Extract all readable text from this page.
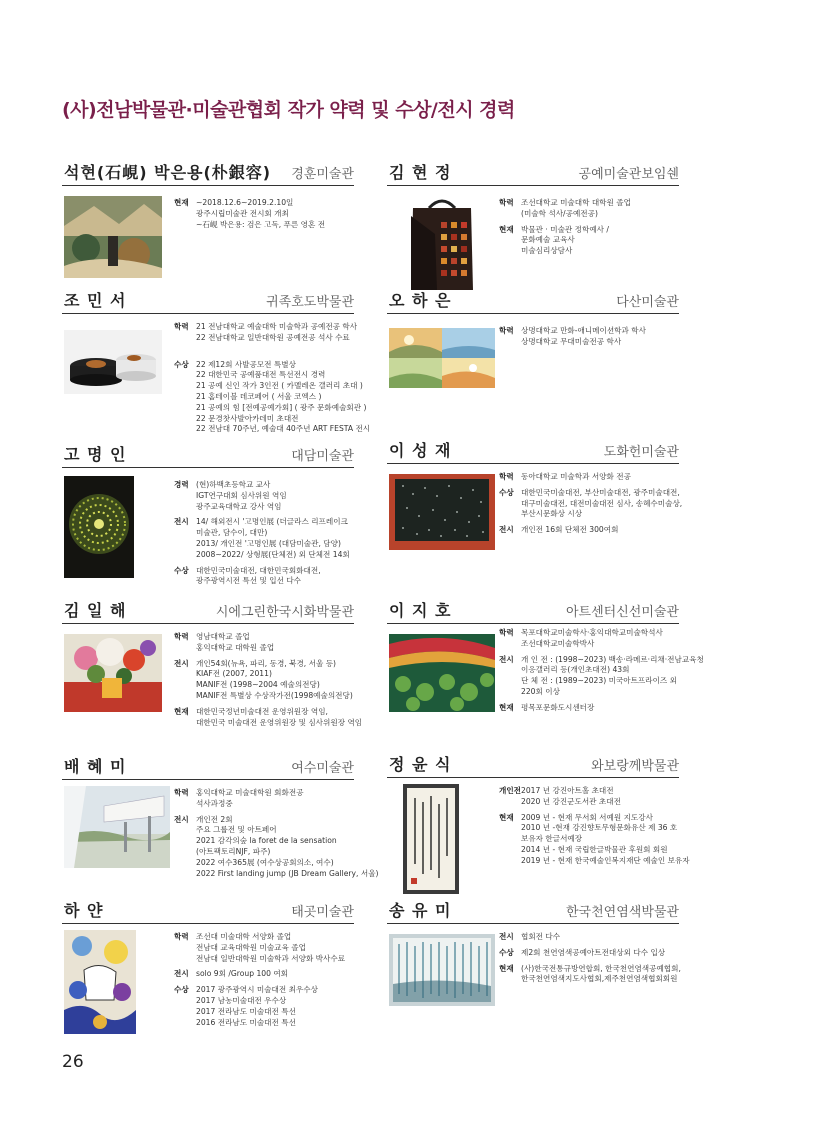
(사)전남박물관·미술관협회 작가 약력 및 수상/전시 경력
석현(石峴) 박은용(朴銀容) 경훈미술관
현재 ~2018.12.6~2019.2.10일
광주시립미술관 전시회 개최
~石峴 박은용: 검은 고독, 푸른 영혼 전
김 현 정	공예미술관보임쉔
학력 조선대학교 미술대학 대학원 졸업
(미술학 석사/공예전공)
현재 박물관 · 미술관 정학예사 /
문화예술 교육사
미술심리상담사
조 민 서	귀족호도박물관
학력 21 전남대학교 예술대학 미술학과 공예전공 학사
22 전남대학교 일반대학원 공예전공 석사 수료
수상 22 제12회 사발공모전 특별상
22 대한민국 공예품대전 특선전시 경력
21 공예 신인 작가 3인전 ( 카멜레온 갤러리 초대 )
21 홈테이블 데코페어 ( 서울 코엑스 )
21 공예의 힘 [전예공예가회] ( 광주 문화예술회관 )
22 문경찻사발아카데미 초대전
22 전남대 70주년, 예술대 40주년 ART FESTA 전시
오 하 은	다산미술관
학력 상명대학교 만화-애니메이션학과 학사
상명대학교 무대미술전공 학사
고 명 인	대담미술관
경력 (현)하백초등학교 교사
IGT연구대회 심사위원 역임
광주교육대학교 강사 역임
전시 14/ 해외전시 '고명인展 (더글라스 리프레이크
미술관, 담수이, 대만)
2013/ 개인전 '고명인展 (대담미술관, 담양)
2008~2022/ 상형展(단체전) 외 단체전 14회
수상 대한민국미술대전, 대한민국회화대전,
광주광역시전 특선 및 입선 다수
이 성 재	도화헌미술관
학력 동아대학교 미술학과 서양화 전공
수상 대한민국미술대전, 부산미술대전, 광주미술대전,
대구미술대전, 대전미술대전 심사, 송혜수미술상,
부산시문화상 시상
전시 개인전 16회 단체전 300여회
김 일 해	시에그린한국시화박물관
학력 영남대학교 졸업
홍익대학교 대학원 졸업
전시 개인54회(뉴욕, 파리, 동경, 북경, 서울 등)
KIAF전 (2007, 2011)
MANIF전 (1998~2004 예술의전당)
MANIF전 특별상 수상작가전(1998예술의전당)
현재 대한민국정년미술대전 운영위원장 역임,
대한민국 미술대전 운영위원장 및 심사위원장 역임
이 지 호	아트센터신선미술관
학력 목포대학교미술학사·홍익대학교미술학석사
조선대학교미술학박사
전시 개 인 전 : (1998~2023) 백송·라메르·리채·전남교육청
이응갤러리 등(개인초대전) 43회
단 체 전 : (1989~2023) 미국아트프라이즈 외
220회 이상
현재 평목포문화도시센터장
배 혜 미	여수미술관
학력 홍익대학교 미술대학원 회화전공
석사과정중
전시 개인전 2회
주요 그룹전 및 아트페어
2021 감각의숲 la foret de la sensation
(아트팩토리NJF, 파주)
2022 여수365展 (여수상공회의소, 여수)
2022 First landing jump (JB Dream Gallery, 서울)
정 윤 식	와보랑께박물관
개인전 2017 년 강진아트홀 초대전
2020 년 강진군도서관 초대전
현재 2009 년 - 현재 무서회 서예원 지도강사
2010 년 -현재 강진향토무형문화유산 제 36 호
보유자 한글서예장
2014 년 - 현재 국립한글박물관 후원회 회원
2019 년 - 현재 한국예술인복지재단 예술인 보유자
하 얀	태곳미술관
학력 조선대 미술대학 서양화 졸업
전남대 교육대학원 미술교육 졸업
전남대 일반대학원 미술학과 서양화 박사수료
전시 solo 9회 /Group 100 여회
수상 2017 광주광역시 미술대전 최우수상
2017 남농미술대전 우수상
2017 전라남도 미술대전 특선
2016 전라남도 미술대전 특선
송 유 미	한국천연염색박물관
전시 협회전 다수
수상 제2회 천연염색공예아트전대상외 다수 입상
현재 (사)한국전통규방연합회, 한국천연염색공예협회,
한국천연염색지도사협회,제주천연염색협회회원
26
